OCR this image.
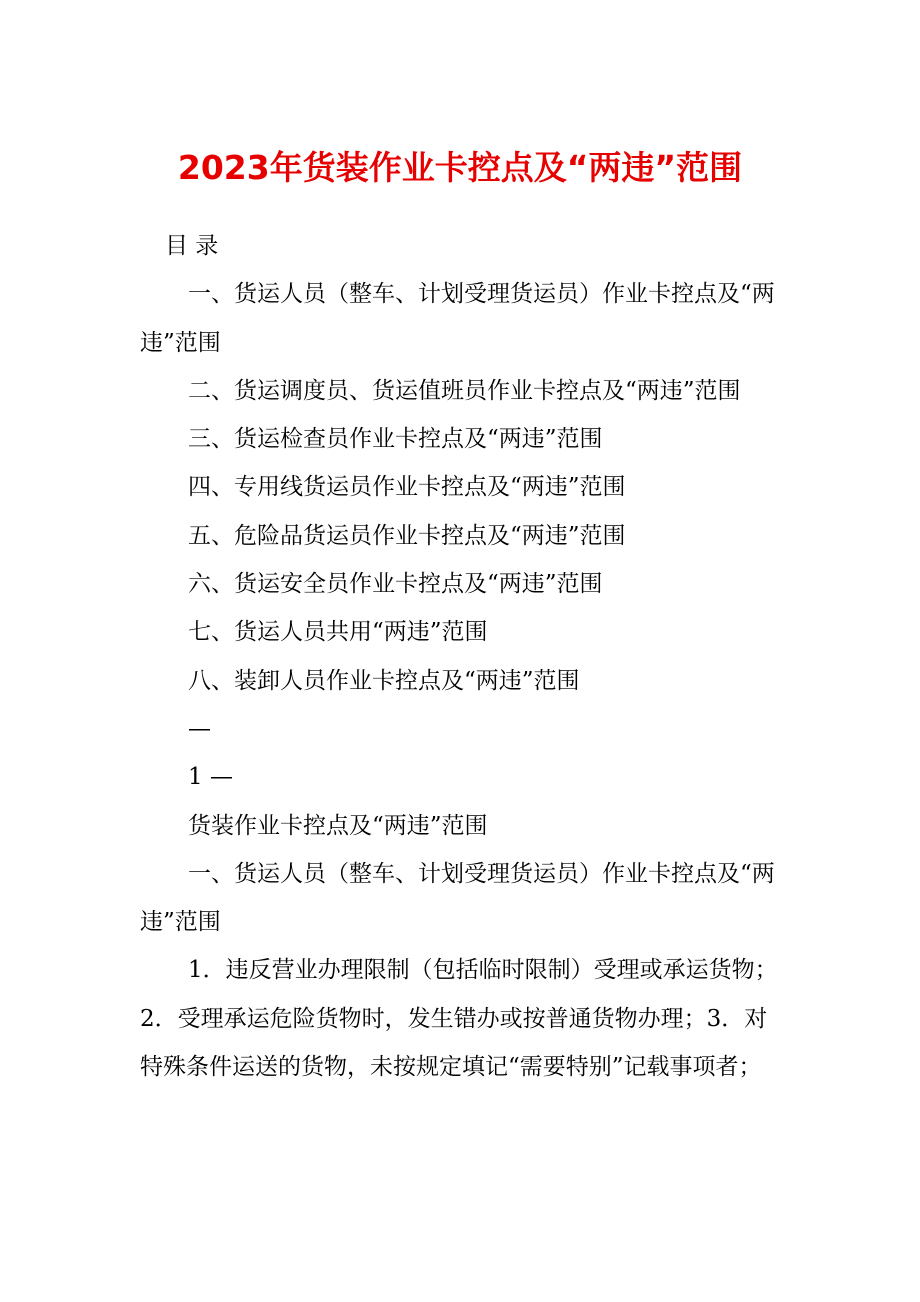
2023年货装作业卡控点及“两违”范围

目 录

一、货运人员（整车、计划受理货运员）作业卡控点及“两违”范围

二、货运调度员、货运值班员作业卡控点及“两违”范围

三、货运检查员作业卡控点及“两违”范围

四、专用线货运员作业卡控点及“两违”范围

五、危险品货运员作业卡控点及“两违”范围

六、货运安全员作业卡控点及“两违”范围

七、货运人员共用“两违”范围

八、装卸人员作业卡控点及“两违”范围

—

1 —

货装作业卡控点及“两违”范围

一、货运人员（整车、计划受理货运员）作业卡控点及“两违”范围

1．违反营业办理限制（包括临时限制）受理或承运货物； 2．受理承运危险货物时，发生错办或按普通货物办理；3．对特殊条件运送的货物，未按规定填记“需要特别”记载事项者；
